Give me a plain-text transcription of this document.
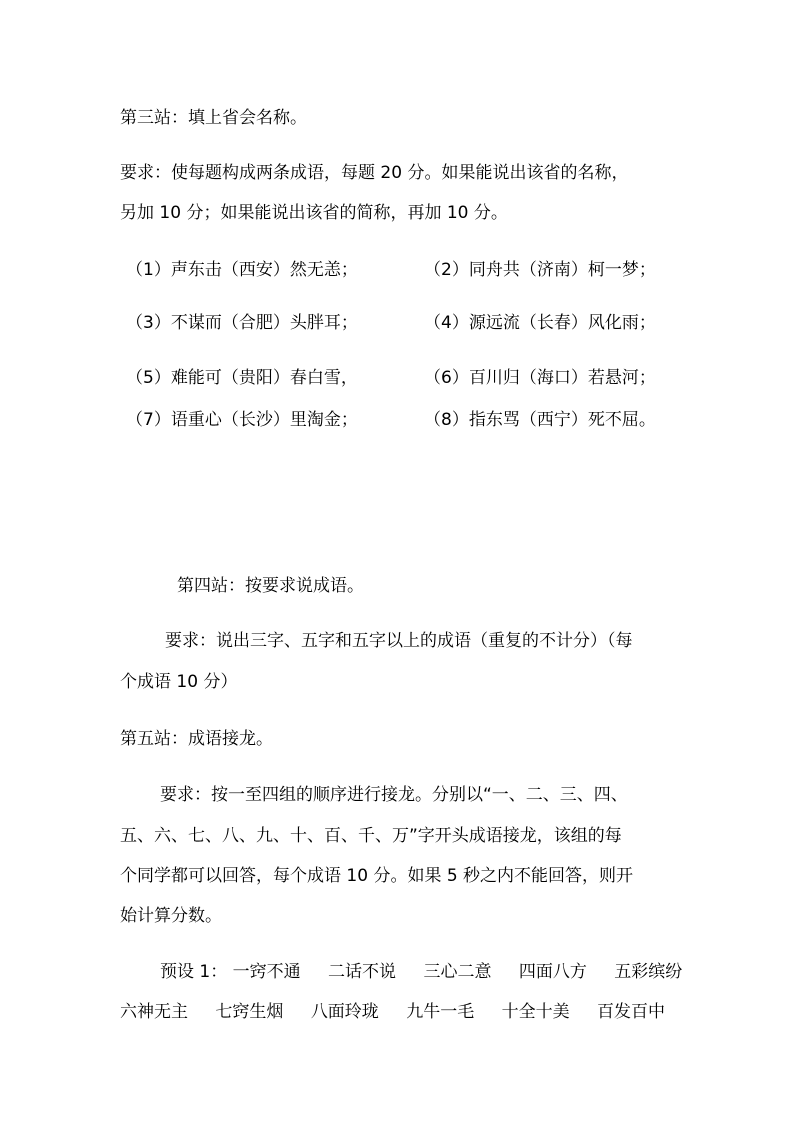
第三站：填上省会名称。
要求：使每题构成两条成语，每题 20 分。如果能说出该省的名称，
另加 10 分；如果能说出该省的简称，再加 10 分。
（1）声东击（西安）然无恙；	（2）同舟共（济南）柯一梦；
（3）不谋而（合肥）头胖耳；	（4）源远流（长春）风化雨；
（5）难能可（贵阳）春白雪，	（6）百川归（海口）若悬河；
（7）语重心（长沙）里淘金；	（8）指东骂（西宁）死不屈。
第四站：按要求说成语。
要求：说出三字、五字和五字以上的成语（重复的不计分）（每
个成语 10 分）
第五站：成语接龙。
要求：按一至四组的顺序进行接龙。分别以“一、二、三、四、
五、六、七、八、九、十、百、千、万”字开头成语接龙，该组的每
个同学都可以回答，每个成语 10 分。如果 5 秒之内不能回答，则开
始计算分数。
预设 1： 一窍不通 二话不说 三心二意 四面八方 五彩缤纷
六神无主 七窍生烟 八面玲珑 九牛一毛 十全十美 百发百中
